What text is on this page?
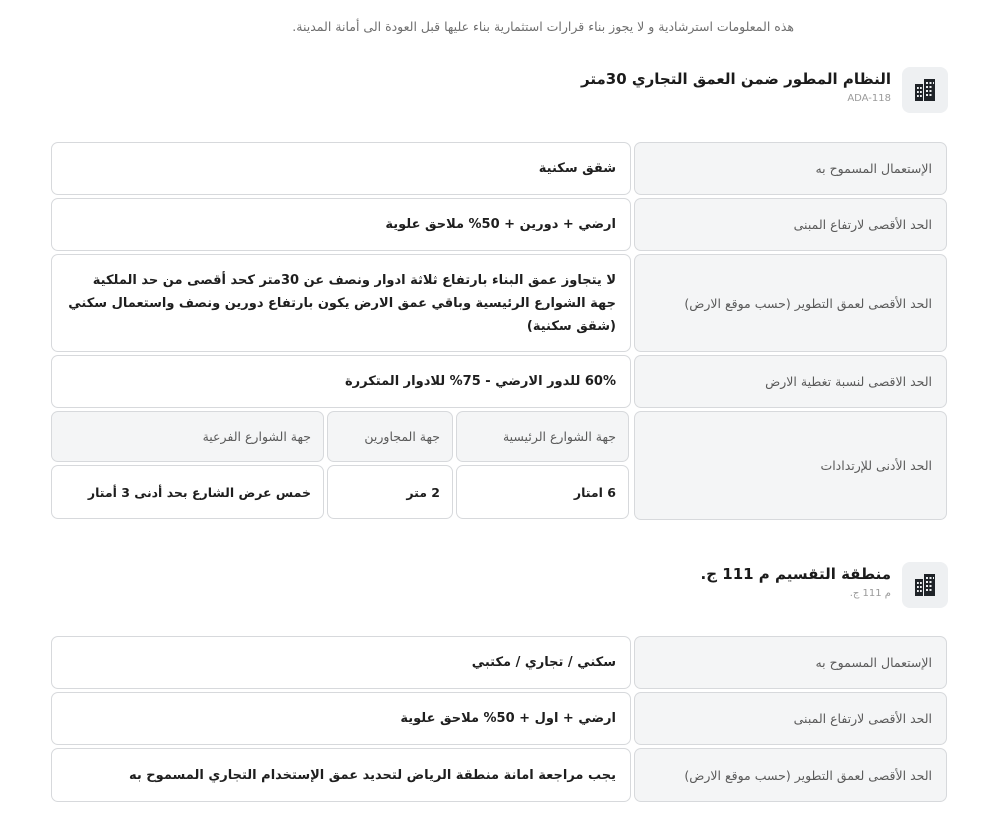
هذه المعلومات استرشادية و لا يجوز بناء قرارات استثمارية بناء عليها قبل العودة الى أمانة المدينة.
النظام المطور ضمن العمق التجاري 30متر
ADA-118
الإستعمال المسموح به
شقق سكنية
الحد الأقصى لارتفاع المبنى
ارضي + دورين + 50% ملاحق علوية
الحد الأقصى لعمق التطوير (حسب موقع الارض)
لا يتجاوز عمق البناء بارتفاع ثلاثة ادوار ونصف عن 30متر كحد أقصى من حد الملكية جهة الشوارع الرئيسية وباقي عمق الارض يكون بارتفاع دورين ونصف واستعمال سكني (شقق سكنية)
الحد الاقصى لنسبة تغطية الارض
60% للدور الارضي - 75% للادوار المتكررة
الحد الأدنى للإرتدادات
جهة الشوارع الرئيسية
جهة المجاورين
جهة الشوارع الفرعية
6 امتار
2 متر
خمس عرض الشارع بحد أدنى 3 أمتار
منطقة التقسيم م 111 ج.
م 111 ج.
الإستعمال المسموح به
سكني / تجاري / مكتبي
الحد الأقصى لارتفاع المبنى
ارضي + اول + 50% ملاحق علوية
الحد الأقصى لعمق التطوير (حسب موقع الارض)
يجب مراجعة امانة منطقة الرياض لتحديد عمق الإستخدام التجاري المسموح به
